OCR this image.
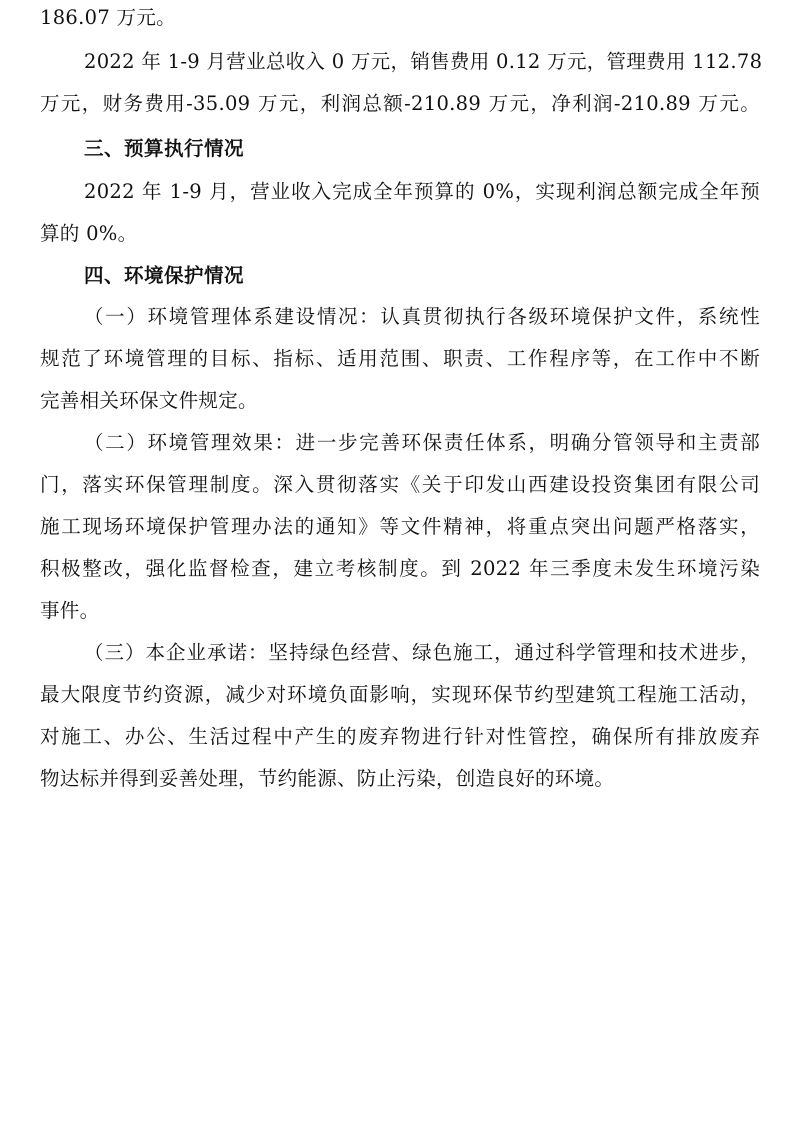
186.07 万元。
2022 年 1-9 月营业总收入 0 万元，销售费用 0.12 万元，管理费用 112.78
万元，财务费用-35.09 万元，利润总额-210.89 万元，净利润-210.89 万元。
三、预算执行情况
2022 年 1-9 月，营业收入完成全年预算的 0%，实现利润总额完成全年预
算的 0%。
四、环境保护情况
（一）环境管理体系建设情况：认真贯彻执行各级环境保护文件，系统性
规范了环境管理的目标、指标、适用范围、职责、工作程序等，在工作中不断
完善相关环保文件规定。
（二）环境管理效果：进一步完善环保责任体系，明确分管领导和主责部
门，落实环保管理制度。深入贯彻落实《关于印发山西建设投资集团有限公司
施工现场环境保护管理办法的通知》等文件精神，将重点突出问题严格落实，
积极整改，强化监督检查，建立考核制度。到 2022 年三季度未发生环境污染
事件。
（三）本企业承诺：坚持绿色经营、绿色施工，通过科学管理和技术进步，
最大限度节约资源，减少对环境负面影响，实现环保节约型建筑工程施工活动，
对施工、办公、生活过程中产生的废弃物进行针对性管控，确保所有排放废弃
物达标并得到妥善处理，节约能源、防止污染，创造良好的环境。
